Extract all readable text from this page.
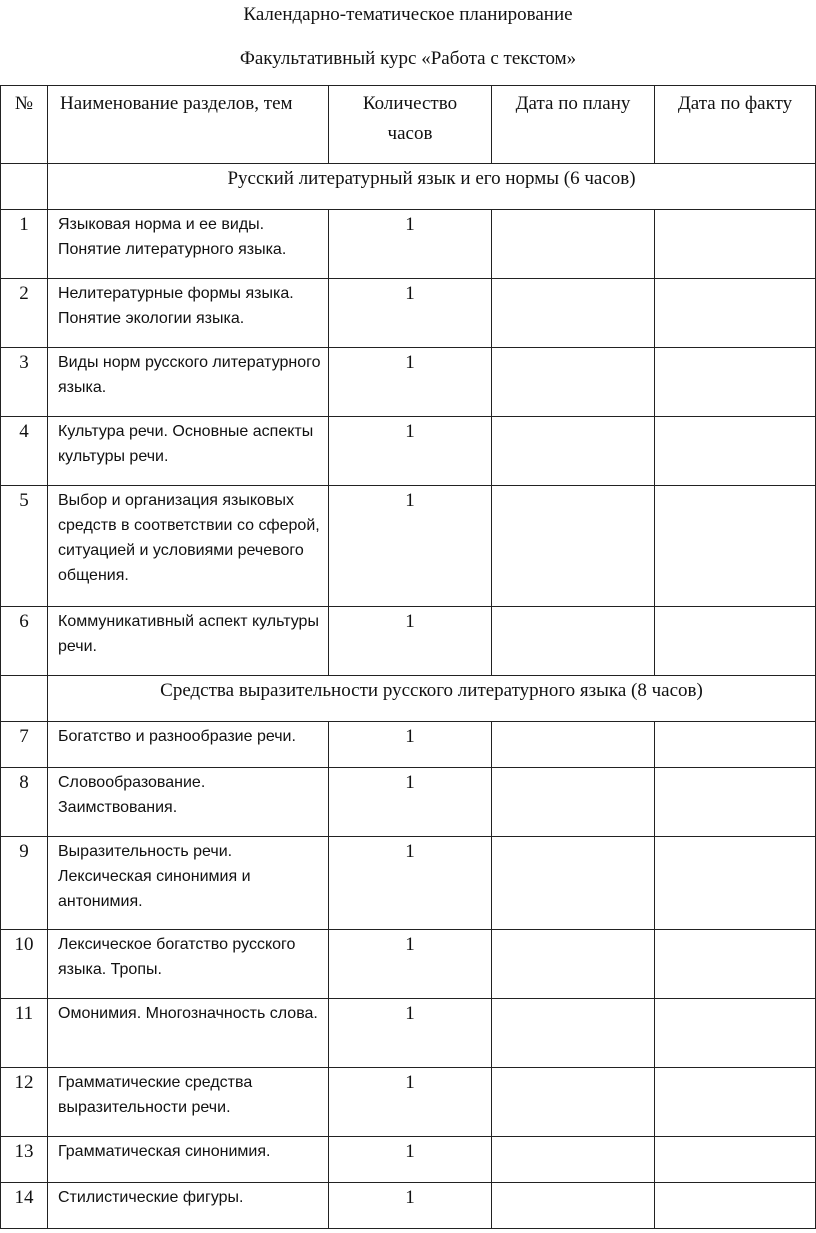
Календарно-тематическое планирование
Факультативный курс «Работа с текстом»
№	Наименование разделов, тем	Количество часов	Дата по плану	Дата по факту
	Русский литературный язык и его нормы (6 часов)			
1	Языковая норма и ее виды. Понятие литературного языка.	1		
2	Нелитературные формы языка. Понятие экологии языка.	1		
3	Виды норм русского литературного языка.	1		
4	Культура речи. Основные аспекты культуры речи.	1		
5	Выбор и организация языковых средств в соответствии со сферой, ситуацией и условиями речевого общения.	1		
6	Коммуникативный аспект культуры речи.	1		
	Средства выразительности русского литературного языка (8 часов)			
7	Богатство и разнообразие речи.	1		
8	Словообразование. Заимствования.	1		
9	Выразительность речи. Лексическая синонимия и антонимия.	1		
10	Лексическое богатство русского языка. Тропы.	1		
11	Омонимия. Многозначность слова.	1		
12	Грамматические средства выразительности речи.	1		
13	Грамматическая синонимия.	1		
14	Стилистические фигуры.	1		
